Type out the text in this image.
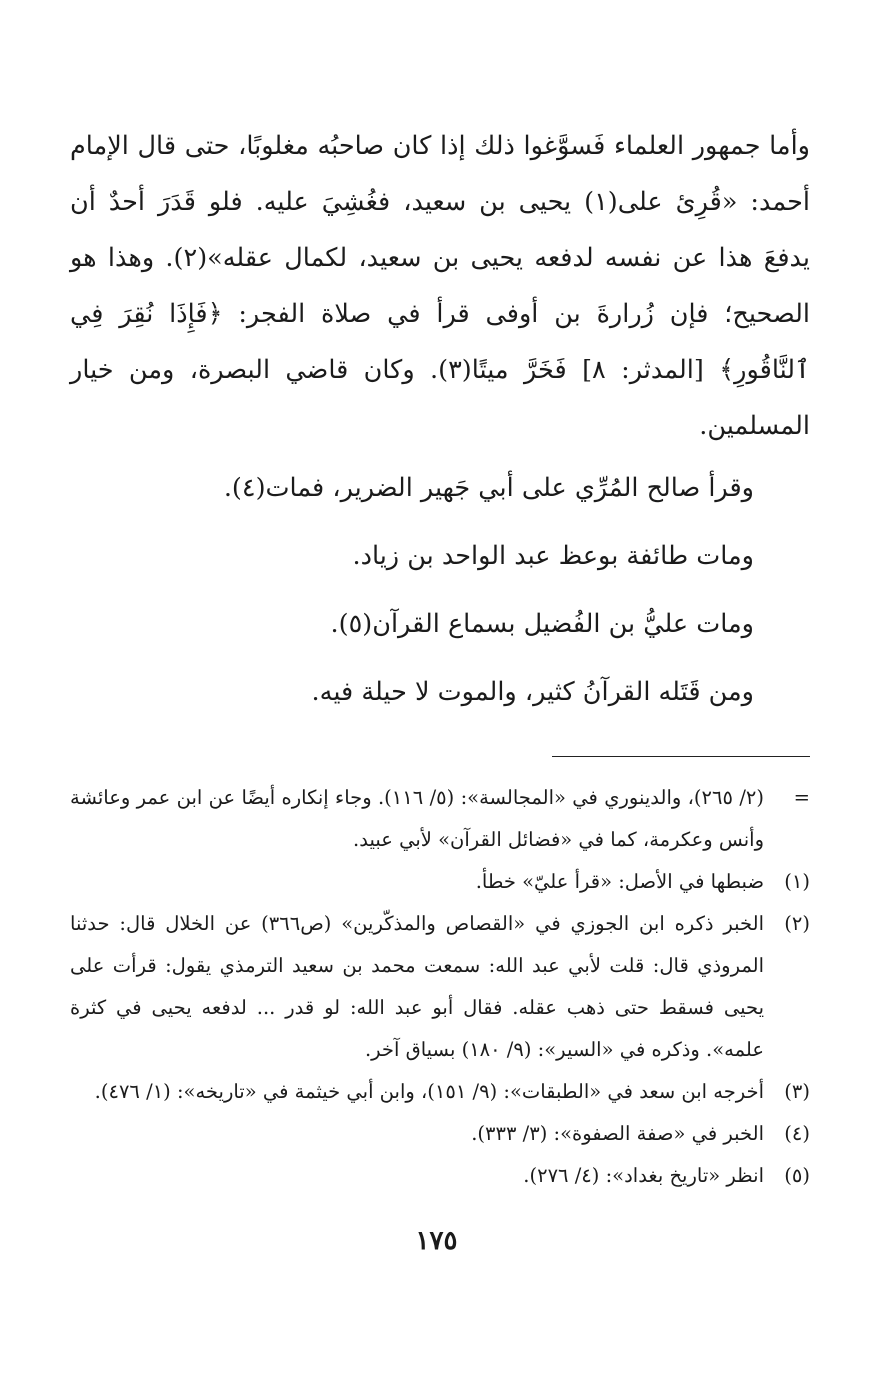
وأما جمهور العلماء فَسوَّغوا ذلك إذا كان صاحبُه مغلوبًا، حتى قال الإمام أحمد: «قُرِئ على(١) يحيى بن سعيد، فغُشِيَ عليه. فلو قَدَرَ أحدٌ أن يدفعَ هذا عن نفسه لدفعه يحيى بن سعيد، لكمال عقله»(٢). وهذا هو الصحيح؛ فإن زُرارةَ بن أوفى قرأ في صلاة الفجر: ﴿فَإِذَا نُقِرَ فِي ٱلنَّاقُورِ﴾ [المدثر: ٨] فَخَرَّ ميتًا(٣). وكان قاضي البصرة، ومن خيار المسلمين.

وقرأ صالح المُرِّي على أبي جَهير الضرير، فمات(٤).

ومات طائفة بوعظ عبد الواحد بن زياد.

ومات عليُّ بن الفُضيل بسماع القرآن(٥).

ومن قَتَله القرآنُ كثير، والموت لا حيلة فيه.

=
(٢/ ٢٦٥)، والدينوري في «المجالسة»: (٥/ ١١٦). وجاء إنكاره أيضًا عن ابن عمر وعائشة وأنس وعكرمة، كما في «فضائل القرآن» لأبي عبيد.
(١)
ضبطها في الأصل: «قرأ عليّ» خطأ.
(٢)
الخبر ذكره ابن الجوزي في «القصاص والمذكّرين» (ص٣٦٦) عن الخلال قال: حدثنا المروذي قال: قلت لأبي عبد الله: سمعت محمد بن سعيد الترمذي يقول: قرأت على يحيى فسقط حتى ذهب عقله. فقال أبو عبد الله: لو قدر ... لدفعه يحيى في كثرة علمه». وذكره في «السير»: (٩/ ١٨٠) بسياق آخر.
(٣)
أخرجه ابن سعد في «الطبقات»: (٩/ ١٥١)، وابن أبي خيثمة في «تاريخه»: (١/ ٤٧٦).
(٤)
الخبر في «صفة الصفوة»: (٣/ ٣٣٣).
(٥)
انظر «تاريخ بغداد»: (٤/ ٢٧٦).
١٧٥
